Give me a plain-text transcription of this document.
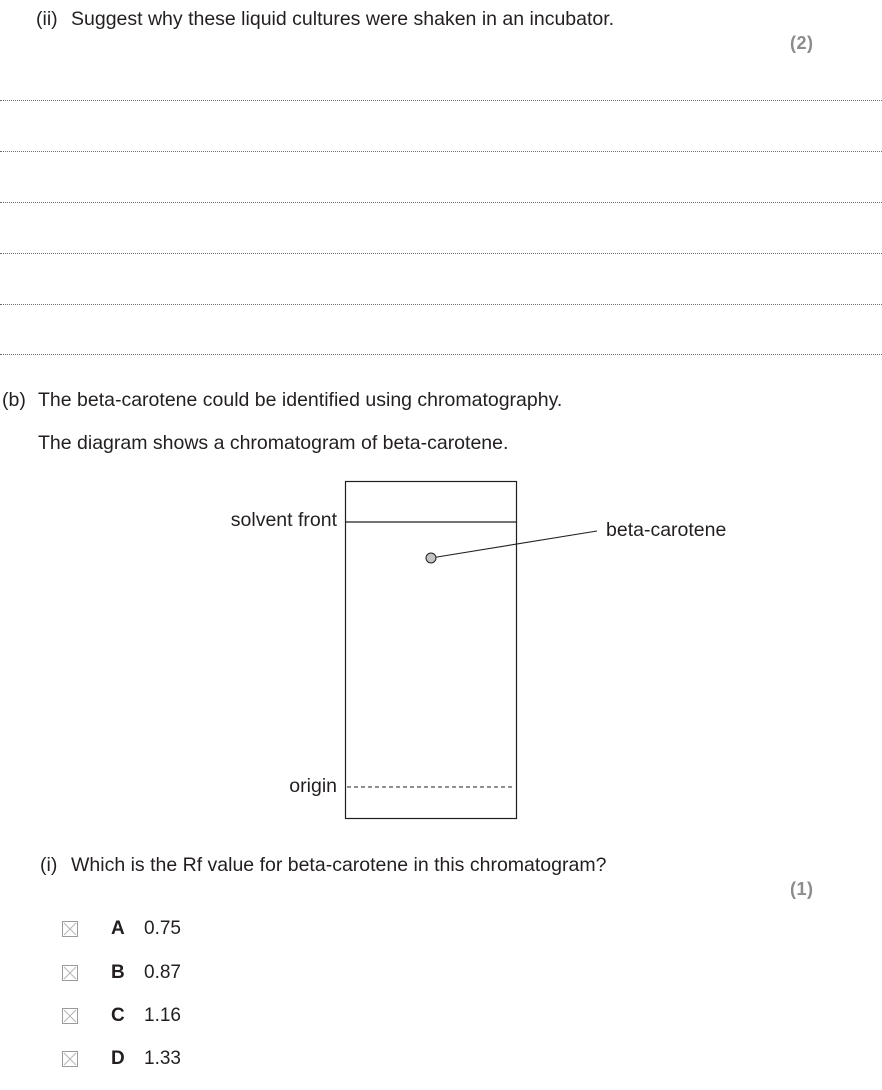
(ii) Suggest why these liquid cultures were shaken in an incubator.
(2)
(b) The beta-carotene could be identified using chromatography.
The diagram shows a chromatogram of beta-carotene.
solvent front
origin
beta-carotene
(i) Which is the Rf value for beta-carotene in this chromatogram?
(1)
A 0.75
B 0.87
C 1.16
D 1.33
